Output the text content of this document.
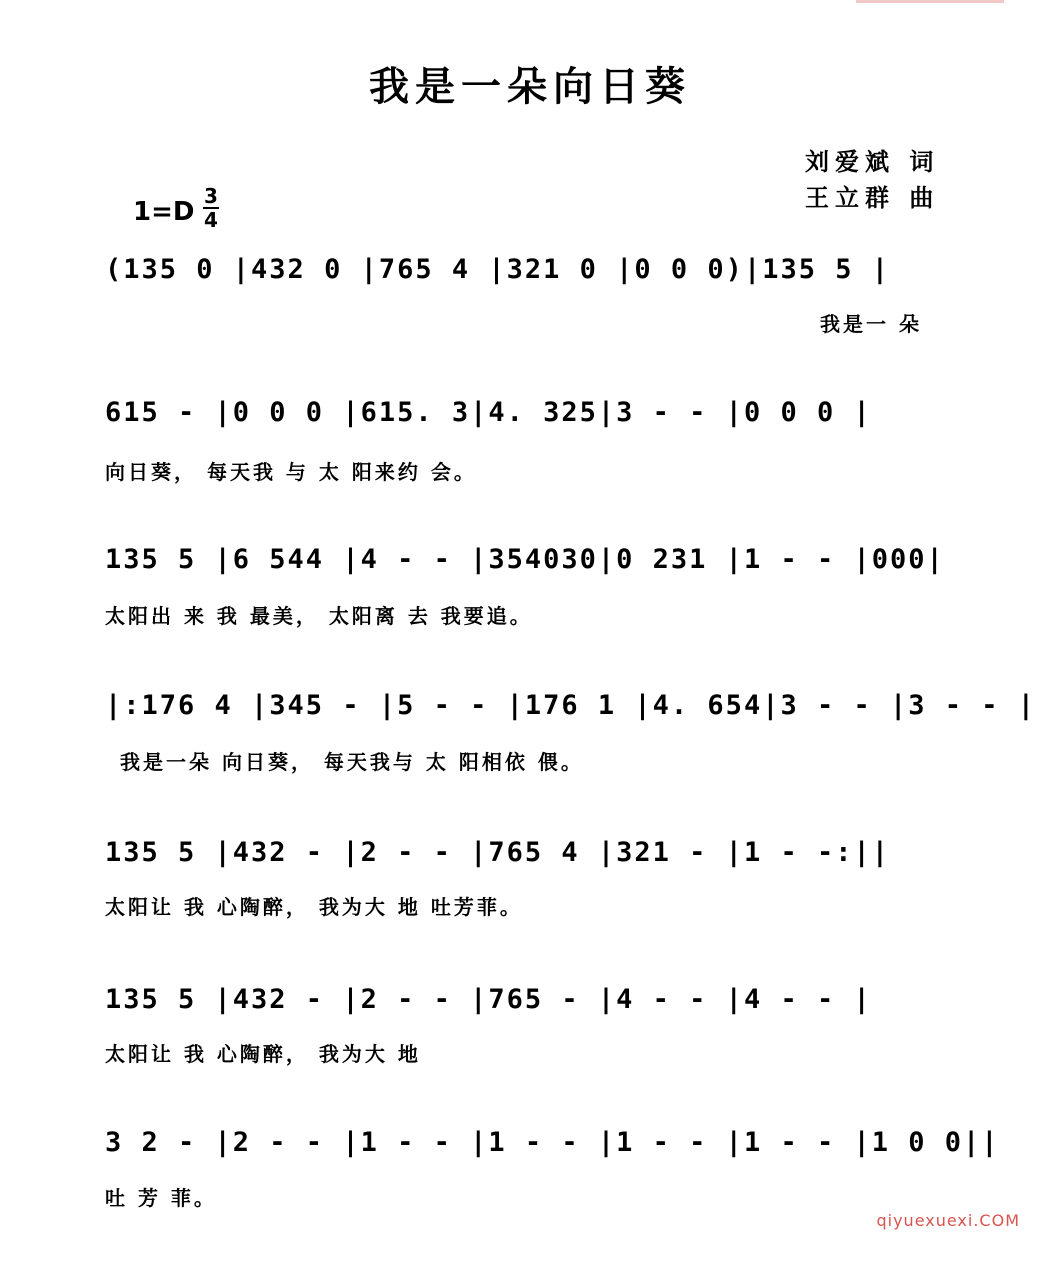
我是一朵向日葵
刘爱斌 词
王立群 曲
1=D
3
4
(135 0 |432 0 |765 4 |321 0 |0 0 0)|135 5 |
我是一 朵
615 - |0 0 0 |615. 3|4. 325|3 - - |0 0 0 |
向日葵， 每天我 与 太 阳来约 会。
135 5 |6 544 |4 - - |354030|0 231 |1 - - |000|
太阳出 来 我 最美， 太阳离 去 我要追。
|:176 4 |345 - |5 - - |176 1 |4. 654|3 - - |3 - - |
我是一朵 向日葵， 每天我与 太 阳相依 偎。
135 5 |432 - |2 - - |765 4 |321 - |1 - -:||
太阳让 我 心陶醉， 我为大 地 吐芳菲。
135 5 |432 - |2 - - |765 - |4 - - |4 - - |
太阳让 我 心陶醉， 我为大 地
3 2 - |2 - - |1 - - |1 - - |1 - - |1 - - |1 0 0||
吐 芳 菲。
qiyuexuexi.COM
